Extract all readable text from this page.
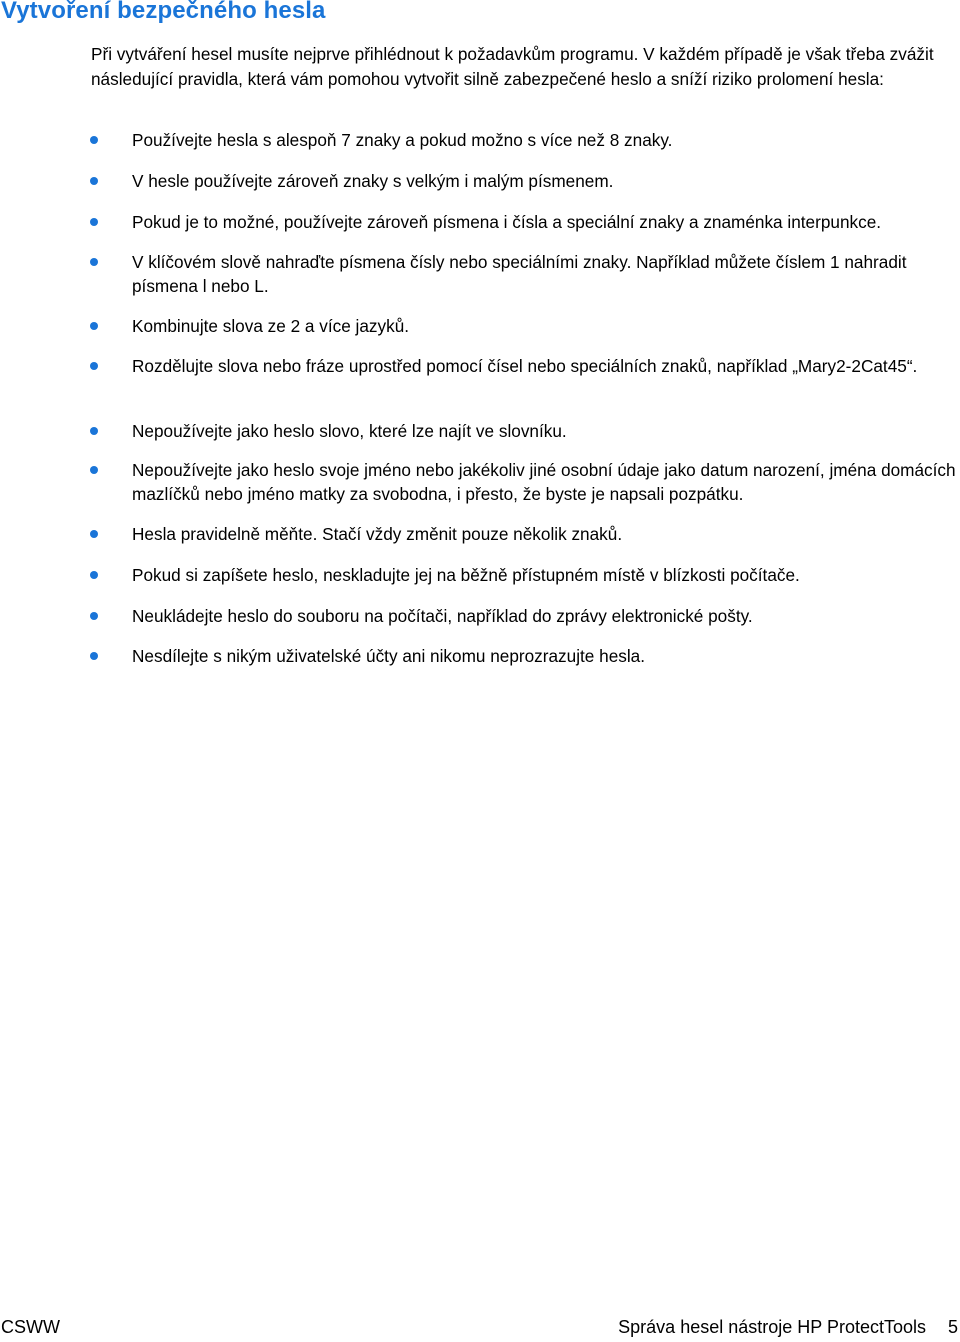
Vytvoření bezpečného hesla

Při vytváření hesel musíte nejprve přihlédnout k požadavkům programu. V každém případě je však třeba zvážit následující pravidla, která vám pomohou vytvořit silně zabezpečené heslo a sníží riziko prolomení hesla:

Používejte hesla s alespoň 7 znaky a pokud možno s více než 8 znaky.
V hesle používejte zároveň znaky s velkým i malým písmenem.
Pokud je to možné, používejte zároveň písmena i čísla a speciální znaky a znaménka interpunkce.
V klíčovém slově nahraďte písmena čísly nebo speciálními znaky. Například můžete číslem 1 nahradit písmena l nebo L.
Kombinujte slova ze 2 a více jazyků.
Rozdělujte slova nebo fráze uprostřed pomocí čísel nebo speciálních znaků, například „Mary2-2Cat45“.
Nepoužívejte jako heslo slovo, které lze najít ve slovníku.
Nepoužívejte jako heslo svoje jméno nebo jakékoliv jiné osobní údaje jako datum narození, jména domácích mazlíčků nebo jméno matky za svobodna, i přesto, že byste je napsali pozpátku.
Hesla pravidelně měňte. Stačí vždy změnit pouze několik znaků.
Pokud si zapíšete heslo, neskladujte jej na běžně přístupném místě v blízkosti počítače.
Neukládejte heslo do souboru na počítači, například do zprávy elektronické pošty.
Nesdílejte s nikým uživatelské účty ani nikomu neprozrazujte hesla.
CSWW	Správa hesel nástroje HP ProtectTools 5
